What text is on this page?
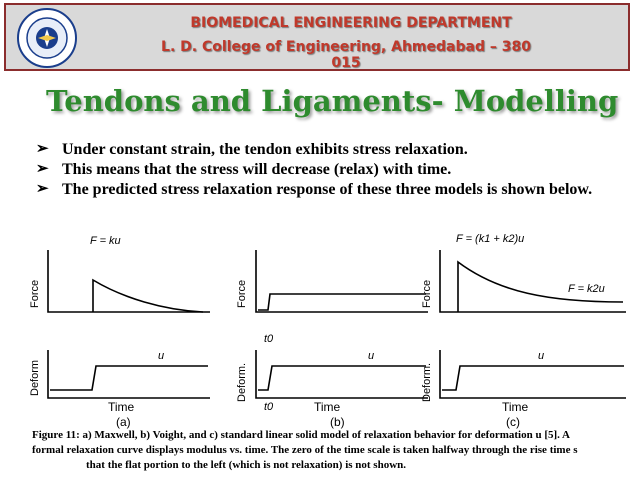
BIOMEDICAL ENGINEERING DEPARTMENT
L. D. College of Engineering, Ahmedabad – 380 015
Tendons and Ligaments- Modelling
➢ Under constant strain, the tendon exhibits stress relaxation.
➢ This means that the stress will decrease (relax) with time.
➢ The predicted stress relaxation response of these three models is shown below.
F = ku
Force
Deform
u
Time
(a)
Force
Deform.
t0
t0
u
Time
(b)
F = (k1 + k2)u
F = k2u
Force
Deform.
u
Time
(c)
Figure 11: a) Maxwell, b) Voight, and c) standard linear solid model of relaxation behavior for deformation u [5]. A
formal relaxation curve displays modulus vs. time. The zero of the time scale is taken halfway through the rise time s
that the flat portion to the left (which is not relaxation) is not shown.
